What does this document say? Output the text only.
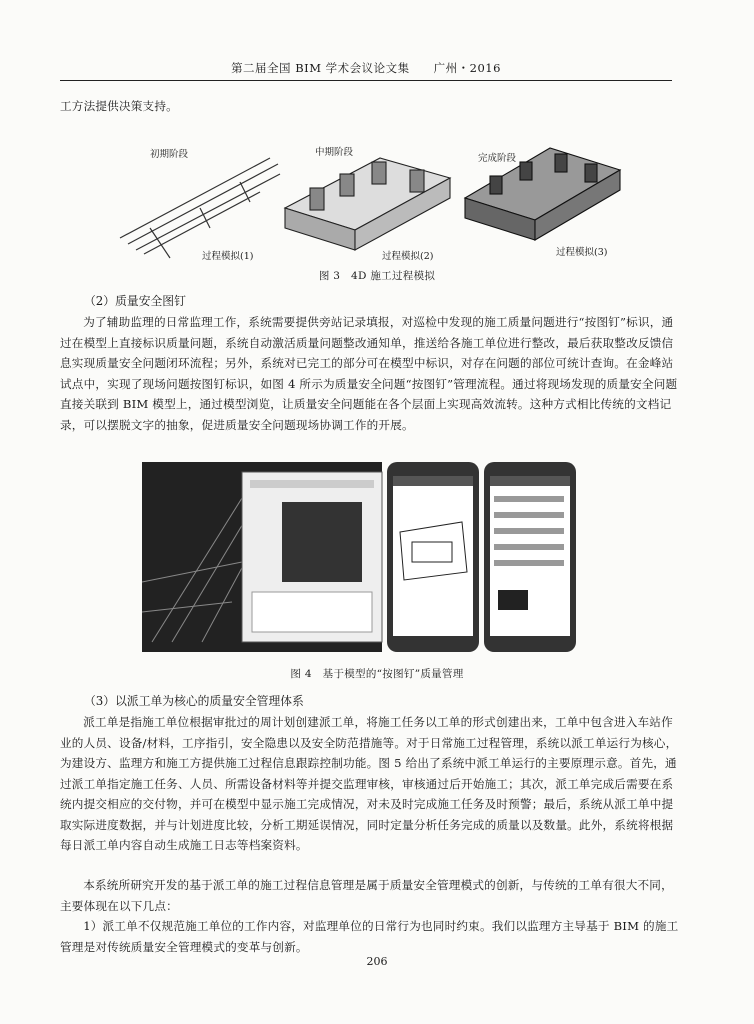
第二届全国 BIM 学术会议论文集　　广州・2016
工方法提供决策支持。
初期阶段	中期阶段
完成阶段
过程模拟(1)	过程模拟(2)	过程模拟(3)
图 3　4D 施工过程模拟
（2）质量安全图钉
为了辅助监理的日常监理工作，系统需要提供旁站记录填报，对巡检中发现的施工质量问题进行“按图钉”标识，通过在模型上直接标识质量问题，系统自动激活质量问题整改通知单，推送给各施工单位进行整改，最后获取整改反馈信息实现质量安全问题闭环流程；另外，系统对已完工的部分可在模型中标识，对存在问题的部位可统计查询。在金峰站试点中，实现了现场问题按图钉标识，如图 4 所示为质量安全问题“按图钉”管理流程。通过将现场发现的质量安全问题直接关联到 BIM 模型上，通过模型浏览，让质量安全问题能在各个层面上实现高效流转。这种方式相比传统的文档记录，可以摆脱文字的抽象，促进质量安全问题现场协调工作的开展。
图 4　基于模型的“按图钉”质量管理
（3）以派工单为核心的质量安全管理体系
派工单是指施工单位根据审批过的周计划创建派工单，将施工任务以工单的形式创建出来，工单中包含进入车站作业的人员、设备/材料，工序指引，安全隐患以及安全防范措施等。对于日常施工过程管理，系统以派工单运行为核心，为建设方、监理方和施工方提供施工过程信息跟踪控制功能。图 5 给出了系统中派工单运行的主要原理示意。首先，通过派工单指定施工任务、人员、所需设备材料等并提交监理审核，审核通过后开始施工；其次，派工单完成后需要在系统内提交相应的交付物，并可在模型中显示施工完成情况，对未及时完成施工任务及时预警；最后，系统从派工单中提取实际进度数据，并与计划进度比较，分析工期延误情况，同时定量分析任务完成的质量以及数量。此外，系统将根据每日派工单内容自动生成施工日志等档案资料。
本系统所研究开发的基于派工单的施工过程信息管理是属于质量安全管理模式的创新，与传统的工单有很大不同，主要体现在以下几点：
1）派工单不仅规范施工单位的工作内容，对监理单位的日常行为也同时约束。我们以监理方主导基于 BIM 的施工管理是对传统质量安全管理模式的变革与创新。
206
